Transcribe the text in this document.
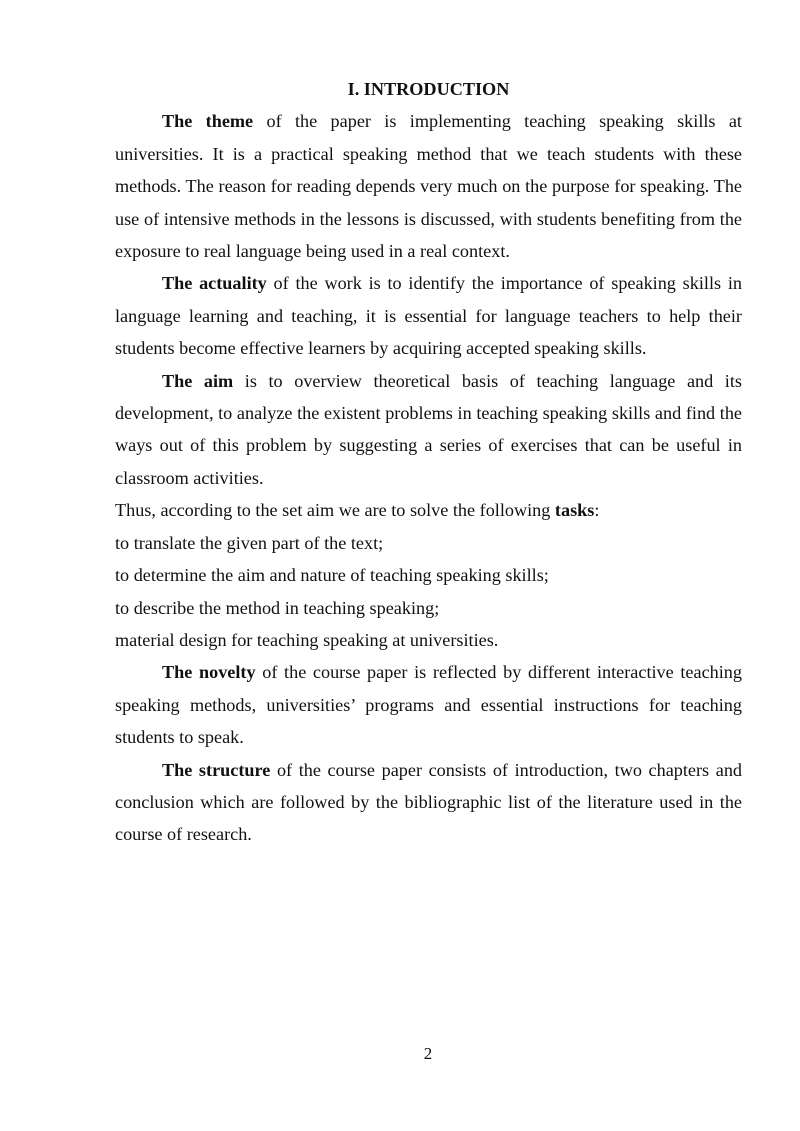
I. INTRODUCTION

The theme of the paper is implementing teaching speaking skills at universities. It is a practical speaking method that we teach students with these methods. The reason for reading depends very much on the purpose for speaking. The use of intensive methods in the lessons is discussed, with students benefiting from the exposure to real language being used in a real context.

The actuality of the work is to identify the importance of speaking skills in language learning and teaching, it is essential for language teachers to help their students become effective learners by acquiring accepted speaking skills.

The aim is to overview theoretical basis of teaching language and its development, to analyze the existent problems in teaching speaking skills and find the ways out of this problem by suggesting a series of exercises that can be useful in classroom activities.

Thus, according to the set aim we are to solve the following tasks:

to translate the given part of the text;

to determine the aim and nature of teaching speaking skills;

to describe the method in teaching speaking;

material design for teaching speaking at universities.

The novelty of the course paper is reflected by different interactive teaching speaking methods, universities’ programs and essential instructions for teaching students to speak.

The structure of the course paper consists of introduction, two chapters and conclusion which are followed by the bibliographic list of the literature used in the course of research.

2
